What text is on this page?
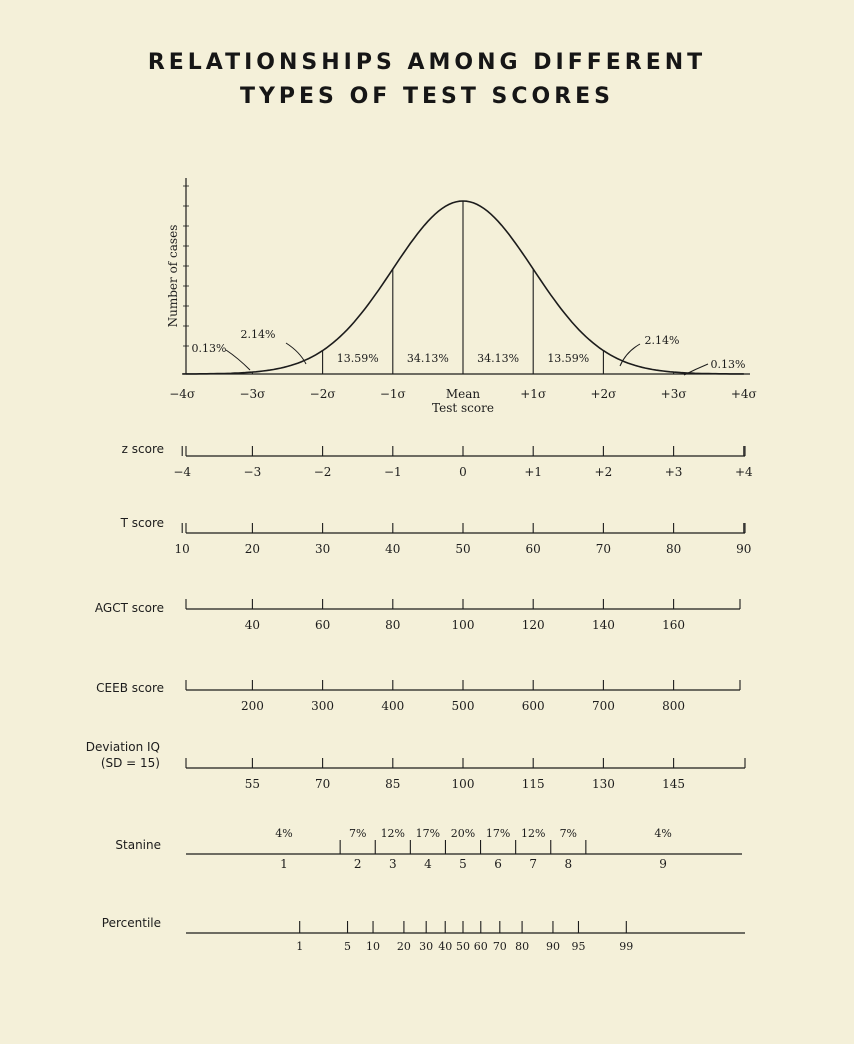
RELATIONSHIPS AMONG DIFFERENT
TYPES OF TEST SCORES
Number of cases
−4σ	−3σ	−2σ	−1σ	Mean	+1σ	+2σ	+3σ	+4σ
Test score
0.13%
2.14%
13.59%	34.13%	34.13%	13.59%
2.14%
0.13%
z score
−4	−3	−2	−1	0	+1	+2	+3	+4
T score
10	20	30	40	50	60	70	80	90
AGCT score
40	60	80	100	120	140	160
CEEB score
200	300	400	500	600	700	800
Deviation IQ
(SD = 15)
55	70	85	100	115	130	145
Stanine
4%
1
7%
2
12%
3
17%
4
20%
5
17%
6
12%
7
7%
8
4%
9
Percentile
1	5 10 20 30 40 50 60 70 80 90 95	99
